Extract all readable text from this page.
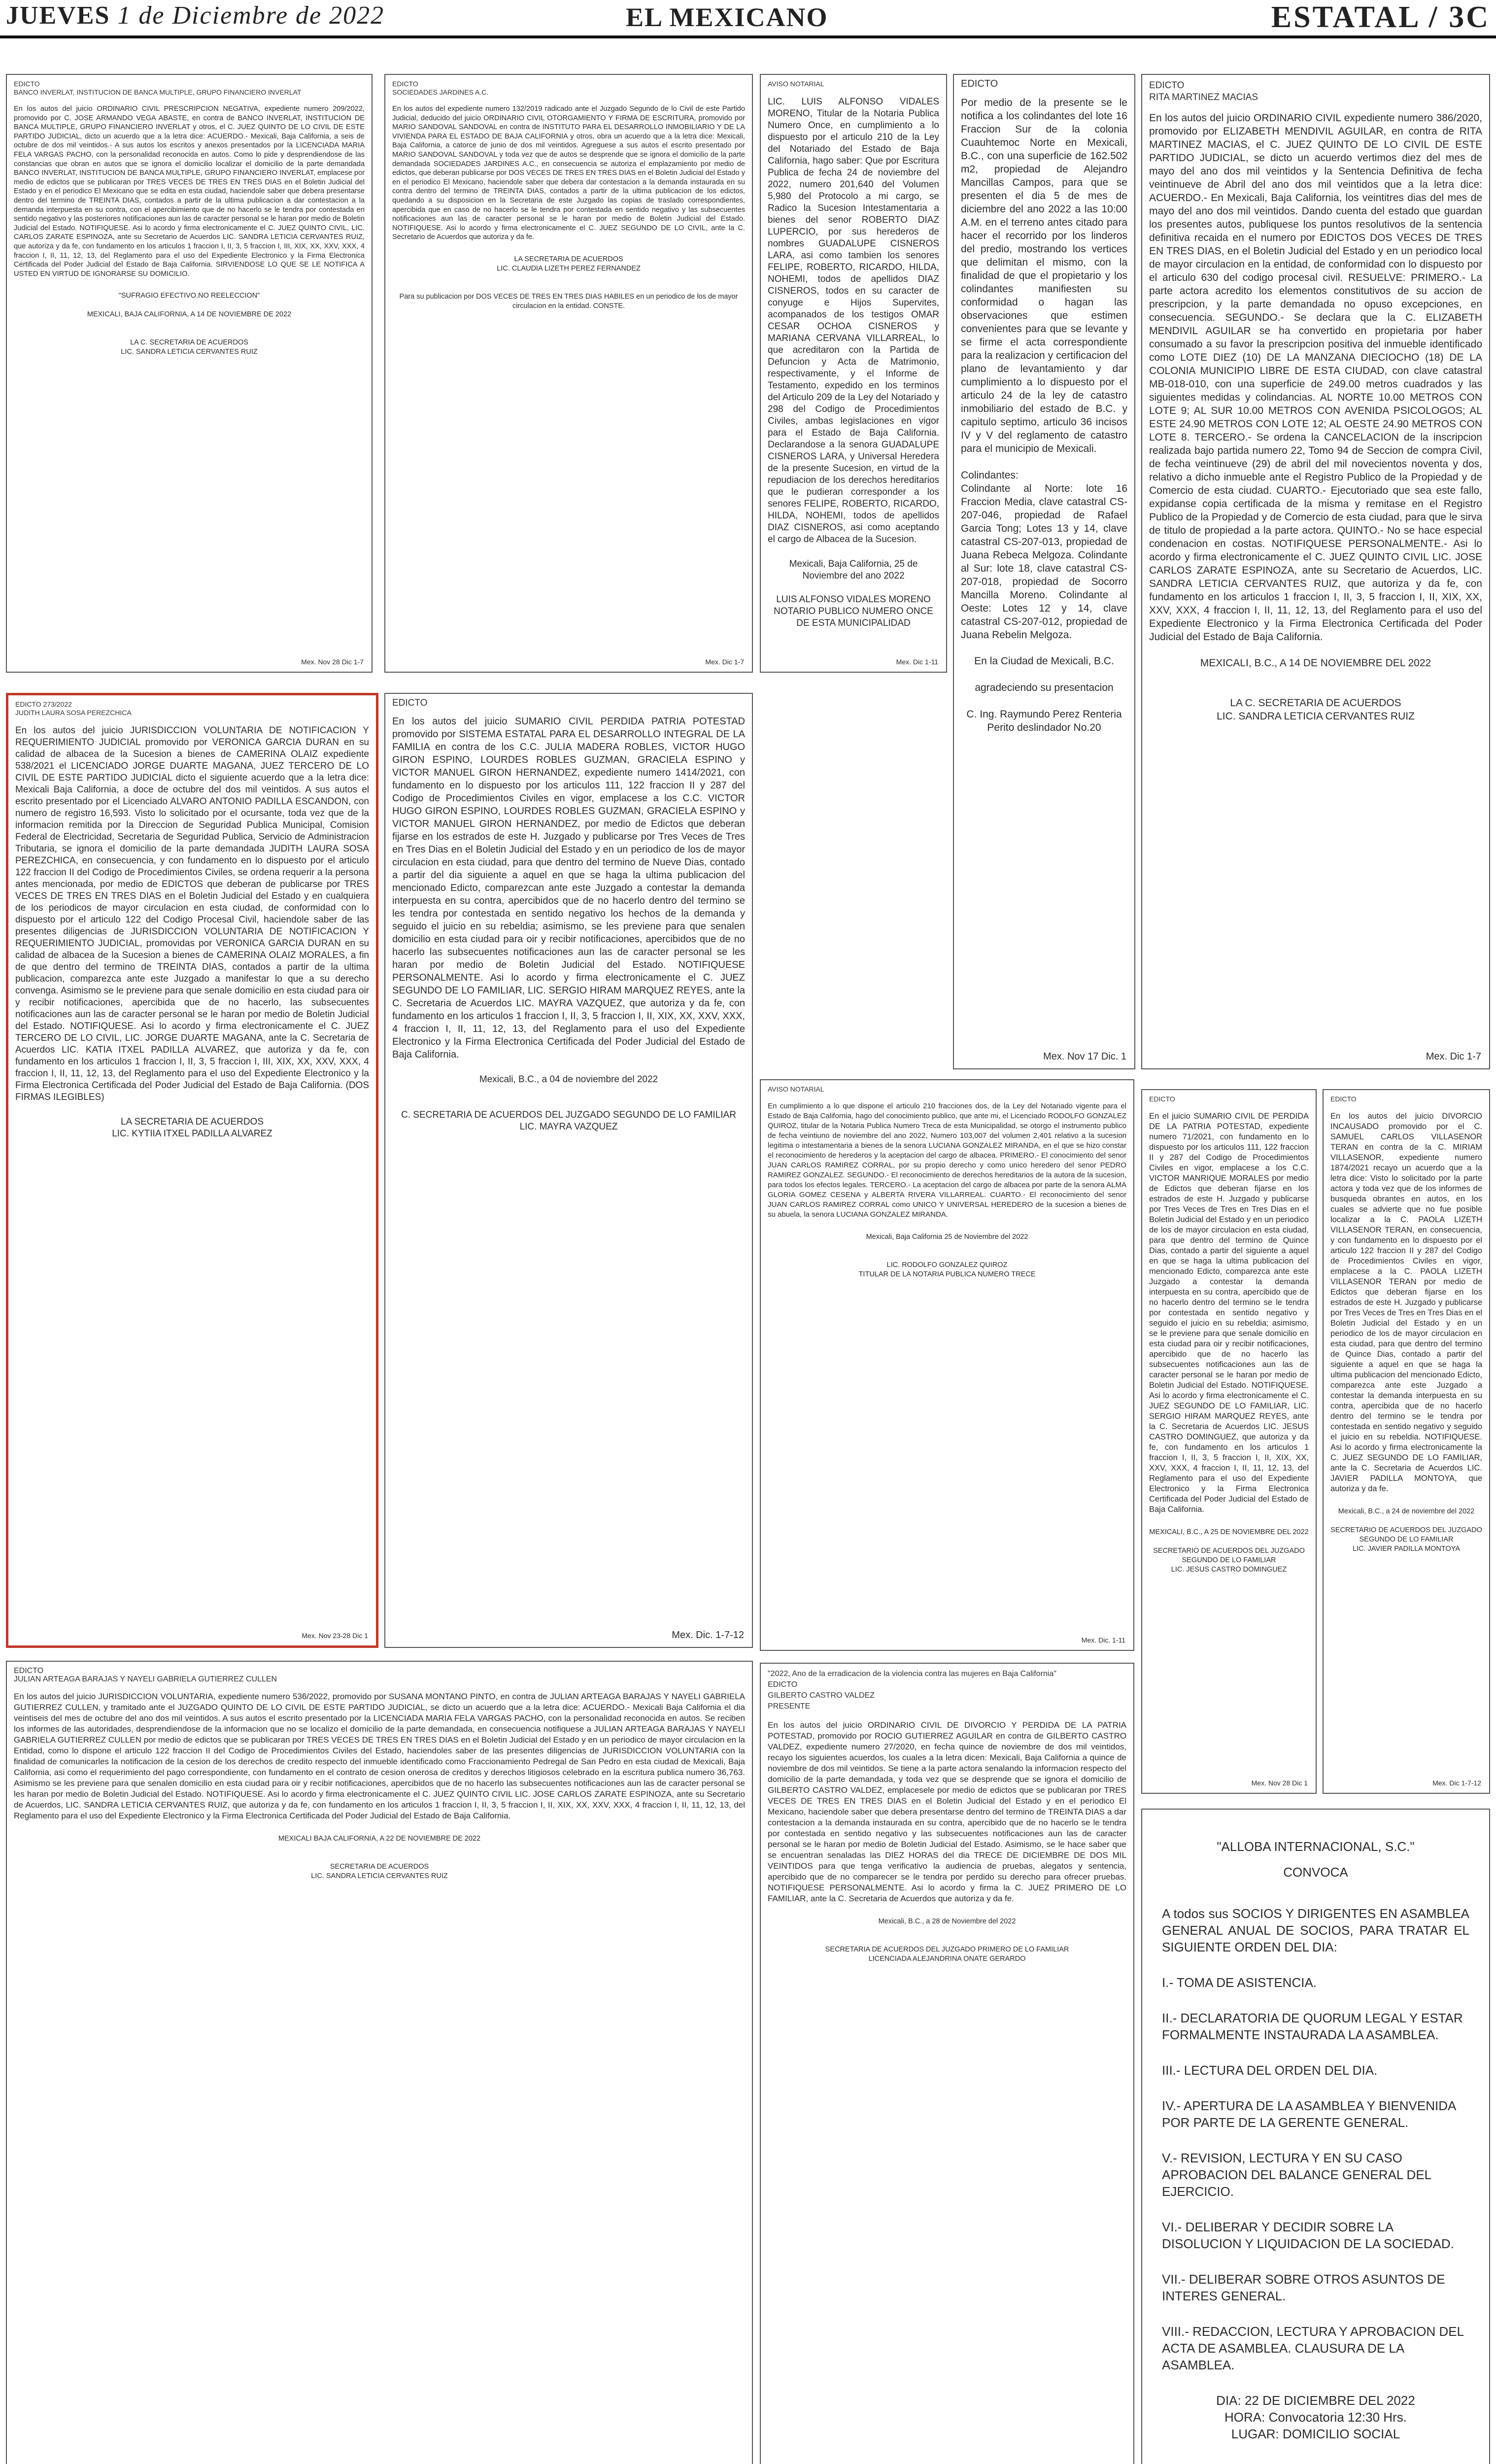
JUEVES 1 de Diciembre de 2022	EL MEXICANO	ESTATAL / 3C
EDICTO
BANCO INVERLAT, INSTITUCION DE BANCA MULTIPLE, GRUPO FINANCIERO INVERLAT
En los autos del juicio ORDINARIO CIVIL PRESCRIPCION NEGATIVA, expediente numero 209/2022, promovido por C. JOSE ARMANDO VEGA ABASTE, en contra de BANCO INVERLAT, INSTITUCION DE BANCA MULTIPLE, GRUPO FINANCIERO INVERLAT y otros, el C. JUEZ QUINTO DE LO CIVIL DE ESTE PARTIDO JUDICIAL, dicto un acuerdo que a la letra dice: ACUERDO.- Mexicali, Baja California, a seis de octubre de dos mil veintidos.- A sus autos los escritos y anexos presentados por la LICENCIADA MARIA FELA VARGAS PACHO, con la personalidad reconocida en autos. Como lo pide y desprendiendose de las constancias que obran en autos que se ignora el domicilio localizar el domicilio de la parte demandada BANCO INVERLAT, INSTITUCION DE BANCA MULTIPLE, GRUPO FINANCIERO INVERLAT, emplacese por medio de edictos que se publicaran por TRES VECES DE TRES EN TRES DIAS en el Boletin Judicial del Estado y en el periodico El Mexicano que se edita en esta ciudad, haciendole saber que debera presentarse dentro del termino de TREINTA DIAS, contados a partir de la ultima publicacion a dar contestacion a la demanda interpuesta en su contra, con el apercibimiento que de no hacerlo se le tendra por contestada en sentido negativo y las posteriores notificaciones aun las de caracter personal se le haran por medio de Boletin Judicial del Estado. NOTIFIQUESE. Asi lo acordo y firma electronicamente el C. JUEZ QUINTO CIVIL, LIC. CARLOS ZARATE ESPINOZA, ante su Secretario de Acuerdos LIC. SANDRA LETICIA CERVANTES RUIZ, que autoriza y da fe, con fundamento en los articulos 1 fraccion I, II, 3, 5 fraccion I, III, XIX, XX, XXV, XXX, 4 fraccion I, II, 11, 12, 13, del Reglamento para el uso del Expediente Electronico y la Firma Electronica Certificada del Poder Judicial del Estado de Baja California. SIRVIENDOSE LO QUE SE LE NOTIFICA A USTED EN VIRTUD DE IGNORARSE SU DOMICILIO.
"SUFRAGIO EFECTIVO.NO REELECCION"

MEXICALI, BAJA CALIFORNIA, A 14 DE NOVIEMBRE DE 2022

LA C. SECRETARIA DE ACUERDOS
LIC. SANDRA LETICIA CERVANTES RUIZ
Mex. Nov 28 Dic 1-7
EDICTO
SOCIEDADES JARDINES A.C.
En los autos del expediente numero 132/2019 radicado ante el Juzgado Segundo de lo Civil de este Partido Judicial, deducido del juicio ORDINARIO CIVIL OTORGAMIENTO Y FIRMA DE ESCRITURA, promovido por MARIO SANDOVAL SANDOVAL en contra de INSTITUTO PARA EL DESARROLLO INMOBILIARIO Y DE LA VIVIENDA PARA EL ESTADO DE BAJA CALIFORNIA y otros, obra un acuerdo que a la letra dice: Mexicali, Baja California, a catorce de junio de dos mil veintidos. Agreguese a sus autos el escrito presentado por MARIO SANDOVAL SANDOVAL y toda vez que de autos se desprende que se ignora el domicilio de la parte demandada SOCIEDADES JARDINES A.C., en consecuencia se autoriza el emplazamiento por medio de edictos, que deberan publicarse por DOS VECES DE TRES EN TRES DIAS en el Boletin Judicial del Estado y en el periodico El Mexicano, haciendole saber que debera dar contestacion a la demanda instaurada en su contra dentro del termino de TREINTA DIAS, contados a partir de la ultima publicacion de los edictos, quedando a su disposicion en la Secretaria de este Juzgado las copias de traslado correspondientes, apercibida que en caso de no hacerlo se le tendra por contestada en sentido negativo y las subsecuentes notificaciones aun las de caracter personal se le haran por medio de Boletin Judicial del Estado. NOTIFIQUESE. Asi lo acordo y firma electronicamente el C. JUEZ SEGUNDO DE LO CIVIL, ante la C. Secretario de Acuerdos que autoriza y da fe.
LA SECRETARIA DE ACUERDOS
LIC. CLAUDIA LIZETH PEREZ FERNANDEZ

Para su publicacion por DOS VECES DE TRES EN TRES DIAS HABILES en un periodico de los de mayor circulacion en la entidad. CONSTE.
Mex. Dic 1-7
AVISO NOTARIAL
LIC. LUIS ALFONSO VIDALES MORENO, Titular de la Notaria Publica Numero Once, en cumplimiento a lo dispuesto por el articulo 210 de la Ley del Notariado del Estado de Baja California, hago saber: Que por Escritura Publica de fecha 24 de noviembre del 2022, numero 201,640 del Volumen 5,980 del Protocolo a mi cargo, se Radico la Sucesion Intestamentaria a bienes del senor ROBERTO DIAZ LUPERCIO, por sus herederos de nombres GUADALUPE CISNEROS LARA, asi como tambien los senores FELIPE, ROBERTO, RICARDO, HILDA, NOHEMI, todos de apellidos DIAZ CISNEROS, todos en su caracter de conyuge e Hijos Supervites, acompanados de los testigos OMAR CESAR OCHOA CISNEROS y MARIANA CERVANA VILLARREAL, lo que acreditaron con la Partida de Defuncion y Acta de Matrimonio, respectivamente, y el Informe de Testamento, expedido en los terminos del Articulo 209 de la Ley del Notariado y 298 del Codigo de Procedimientos Civiles, ambas legislaciones en vigor para el Estado de Baja California. Declarandose a la senora GUADALUPE CISNEROS LARA, y Universal Heredera de la presente Sucesion, en virtud de la repudiacion de los derechos hereditarios que le pudieran corresponder a los senores FELIPE, ROBERTO, RICARDO, HILDA, NOHEMI, todos de apellidos DIAZ CISNEROS, asi como aceptando el cargo de Albacea de la Sucesion.
Mexicali, Baja California, 25 de Noviembre del ano 2022

LUIS ALFONSO VIDALES MORENO
NOTARIO PUBLICO NUMERO ONCE DE ESTA MUNICIPALIDAD
Mex. Dic 1-11
EDICTO
Por medio de la presente se le notifica a los colindantes del lote 16 Fraccion Sur de la colonia Cuauhtemoc Norte en Mexicali, B.C., con una superficie de 162.502 m2, propiedad de Alejandro Mancillas Campos, para que se presenten el dia 5 de mes de diciembre del ano 2022 a las 10:00 A.M. en el terreno antes citado para hacer el recorrido por los linderos del predio, mostrando los vertices que delimitan el mismo, con la finalidad de que el propietario y los colindantes manifiesten su conformidad o hagan las observaciones que estimen convenientes para que se levante y se firme el acta correspondiente para la realizacion y certificacion del plano de levantamiento y dar cumplimiento a lo dispuesto por el articulo 24 de la ley de catastro inmobiliario del estado de B.C. y capitulo septimo, articulo 36 incisos IV y V del reglamento de catastro para el municipio de Mexicali.

Colindantes:
Colindante al Norte: lote 16 Fraccion Media, clave catastral CS-207-046, propiedad de Rafael Garcia Tong; Lotes 13 y 14, clave catastral CS-207-013, propiedad de Juana Rebeca Melgoza. Colindante al Sur: lote 18, clave catastral CS-207-018, propiedad de Socorro Mancilla Moreno. Colindante al Oeste: Lotes 12 y 14, clave catastral CS-207-012, propiedad de Juana Rebelin Melgoza.
En la Ciudad de Mexicali, B.C.

agradeciendo su presentacion

C. Ing. Raymundo Perez Renteria
Perito deslindador No.20
Mex. Nov 17 Dic. 1
EDICTO
RITA MARTINEZ MACIAS
En los autos del juicio ORDINARIO CIVIL expediente numero 386/2020, promovido por ELIZABETH MENDIVIL AGUILAR, en contra de RITA MARTINEZ MACIAS, el C. JUEZ QUINTO DE LO CIVIL DE ESTE PARTIDO JUDICIAL, se dicto un acuerdo vertimos diez del mes de mayo del ano dos mil veintidos y la Sentencia Definitiva de fecha veintinueve de Abril del ano dos mil veintidos que a la letra dice: ACUERDO.- En Mexicali, Baja California, los veintitres dias del mes de mayo del ano dos mil veintidos. Dando cuenta del estado que guardan los presentes autos, publiquese los puntos resolutivos de la sentencia definitiva recaida en el numero por EDICTOS DOS VECES DE TRES EN TRES DIAS, en el Boletin Judicial del Estado y en un periodico local de mayor circulacion en la entidad, de conformidad con lo dispuesto por el articulo 630 del codigo procesal civil. RESUELVE: PRIMERO.- La parte actora acredito los elementos constitutivos de su accion de prescripcion, y la parte demandada no opuso excepciones, en consecuencia. SEGUNDO.- Se declara que la C. ELIZABETH MENDIVIL AGUILAR se ha convertido en propietaria por haber consumado a su favor la prescripcion positiva del inmueble identificado como LOTE DIEZ (10) DE LA MANZANA DIECIOCHO (18) DE LA COLONIA MUNICIPIO LIBRE DE ESTA CIUDAD, con clave catastral MB-018-010, con una superficie de 249.00 metros cuadrados y las siguientes medidas y colindancias. AL NORTE 10.00 METROS CON LOTE 9; AL SUR 10.00 METROS CON AVENIDA PSICOLOGOS; AL ESTE 24.90 METROS CON LOTE 12; AL OESTE 24.90 METROS CON LOTE 8. TERCERO.- Se ordena la CANCELACION de la inscripcion realizada bajo partida numero 22, Tomo 94 de Seccion de compra Civil, de fecha veintinueve (29) de abril del mil novecientos noventa y dos, relativo a dicho inmueble ante el Registro Publico de la Propiedad y de Comercio de esta ciudad. CUARTO.- Ejecutoriado que sea este fallo, expidanse copia certificada de la misma y remitase en el Registro Publico de la Propiedad y de Comercio de esta ciudad, para que le sirva de titulo de propiedad a la parte actora. QUINTO.- No se hace especial condenacion en costas. NOTIFIQUESE PERSONALMENTE.- Asi lo acordo y firma electronicamente el C. JUEZ QUINTO CIVIL LIC. JOSE CARLOS ZARATE ESPINOZA, ante su Secretario de Acuerdos, LIC. SANDRA LETICIA CERVANTES RUIZ, que autoriza y da fe, con fundamento en los articulos 1 fraccion I, II, 3, 5 fraccion I, II, XIX, XX, XXV, XXX, 4 fraccion I, II, 11, 12, 13, del Reglamento para el uso del Expediente Electronico y la Firma Electronica Certificada del Poder Judicial del Estado de Baja California.
MEXICALI, B.C., A 14 DE NOVIEMBRE DEL 2022

LA C. SECRETARIA DE ACUERDOS
LIC. SANDRA LETICIA CERVANTES RUIZ
Mex. Dic 1-7
EDICTO 273/2022
JUDITH LAURA SOSA PEREZCHICA
En los autos del juicio JURISDICCION VOLUNTARIA DE NOTIFICACION Y REQUERIMIENTO JUDICIAL promovido por VERONICA GARCIA DURAN en su calidad de albacea de la Sucesion a bienes de CAMERINA OLAIZ expediente 538/2021 el LICENCIADO JORGE DUARTE MAGANA, JUEZ TERCERO DE LO CIVIL DE ESTE PARTIDO JUDICIAL dicto el siguiente acuerdo que a la letra dice: Mexicali Baja California, a doce de octubre del dos mil veintidos. A sus autos el escrito presentado por el Licenciado ALVARO ANTONIO PADILLA ESCANDON, con numero de registro 16,593. Visto lo solicitado por el ocursante, toda vez que de la informacion remitida por la Direccion de Seguridad Publica Municipal, Comision Federal de Electricidad, Secretaria de Seguridad Publica, Servicio de Administracion Tributaria, se ignora el domicilio de la parte demandada JUDITH LAURA SOSA PEREZCHICA, en consecuencia, y con fundamento en lo dispuesto por el articulo 122 fraccion II del Codigo de Procedimientos Civiles, se ordena requerir a la persona antes mencionada, por medio de EDICTOS que deberan de publicarse por TRES VECES DE TRES EN TRES DIAS en el Boletin Judicial del Estado y en cualquiera de los periodicos de mayor circulacion en esta ciudad, de conformidad con lo dispuesto por el articulo 122 del Codigo Procesal Civil, haciendole saber de las presentes diligencias de JURISDICCION VOLUNTARIA DE NOTIFICACION Y REQUERIMIENTO JUDICIAL, promovidas por VERONICA GARCIA DURAN en su calidad de albacea de la Sucesion a bienes de CAMERINA OLAIZ MORALES, a fin de que dentro del termino de TREINTA DIAS, contados a partir de la ultima publicacion, comparezca ante este Juzgado a manifestar lo que a su derecho convenga. Asimismo se le previene para que senale domicilio en esta ciudad para oir y recibir notificaciones, apercibida que de no hacerlo, las subsecuentes notificaciones aun las de caracter personal se le haran por medio de Boletin Judicial del Estado. NOTIFIQUESE. Asi lo acordo y firma electronicamente el C. JUEZ TERCERO DE LO CIVIL, LIC. JORGE DUARTE MAGANA, ante la C. Secretaria de Acuerdos LIC. KATIA ITXEL PADILLA ALVAREZ, que autoriza y da fe, con fundamento en los articulos 1 fraccion I, II, 3, 5 fraccion I, III, XIX, XX, XXV, XXX, 4 fraccion I, II, 11, 12, 13, del Reglamento para el uso del Expediente Electronico y la Firma Electronica Certificada del Poder Judicial del Estado de Baja California. (DOS FIRMAS ILEGIBLES)
LA SECRETARIA DE ACUERDOS
LIC. KYTIIA ITXEL PADILLA ALVAREZ
Mex. Nov 23-28 Dic 1
EDICTO
En los autos del juicio SUMARIO CIVIL PERDIDA PATRIA POTESTAD promovido por SISTEMA ESTATAL PARA EL DESARROLLO INTEGRAL DE LA FAMILIA en contra de los C.C. JULIA MADERA ROBLES, VICTOR HUGO GIRON ESPINO, LOURDES ROBLES GUZMAN, GRACIELA ESPINO y VICTOR MANUEL GIRON HERNANDEZ, expediente numero 1414/2021, con fundamento en lo dispuesto por los articulos 111, 122 fraccion II y 287 del Codigo de Procedimientos Civiles en vigor, emplacese a los C.C. VICTOR HUGO GIRON ESPINO, LOURDES ROBLES GUZMAN, GRACIELA ESPINO y VICTOR MANUEL GIRON HERNANDEZ, por medio de Edictos que deberan fijarse en los estrados de este H. Juzgado y publicarse por Tres Veces de Tres en Tres Dias en el Boletin Judicial del Estado y en un periodico de los de mayor circulacion en esta ciudad, para que dentro del termino de Nueve Dias, contado a partir del dia siguiente a aquel en que se haga la ultima publicacion del mencionado Edicto, comparezcan ante este Juzgado a contestar la demanda interpuesta en su contra, apercibidos que de no hacerlo dentro del termino se les tendra por contestada en sentido negativo los hechos de la demanda y seguido el juicio en su rebeldia; asimismo, se les previene para que senalen domicilio en esta ciudad para oir y recibir notificaciones, apercibidos que de no hacerlo las subsecuentes notificaciones aun las de caracter personal se les haran por medio de Boletin Judicial del Estado. NOTIFIQUESE PERSONALMENTE. Asi lo acordo y firma electronicamente el C. JUEZ SEGUNDO DE LO FAMILIAR, LIC. SERGIO HIRAM MARQUEZ REYES, ante la C. Secretaria de Acuerdos LIC. MAYRA VAZQUEZ, que autoriza y da fe, con fundamento en los articulos 1 fraccion I, II, 3, 5 fraccion I, II, XIX, XX, XXV, XXX, 4 fraccion I, II, 11, 12, 13, del Reglamento para el uso del Expediente Electronico y la Firma Electronica Certificada del Poder Judicial del Estado de Baja California.
Mexicali, B.C., a 04 de noviembre del 2022

C. SECRETARIA DE ACUERDOS DEL JUZGADO SEGUNDO DE LO FAMILIAR
LIC. MAYRA VAZQUEZ
Mex. Dic. 1-7-12
AVISO NOTARIAL
En cumplimiento a lo que dispone el articulo 210 fracciones dos, de la Ley del Notariado vigente para el Estado de Baja California, hago del conocimiento publico, que ante mi, el Licenciado RODOLFO GONZALEZ QUIROZ, titular de la Notaria Publica Numero Treca de esta Municipalidad, se otorgo el instrumento publico de fecha veintiuno de noviembre del ano 2022, Numero 103,007 del volumen 2,401 relativo a la sucesion legitima o intestamentaria a bienes de la senora LUCIANA GONZALEZ MIRANDA, en el que se hizo constar el reconocimiento de herederos y la aceptacion del cargo de albacea. PRIMERO.- El conocimiento del senor JUAN CARLOS RAMIREZ CORRAL, por su propio derecho y como unico heredero del senor PEDRO RAMIREZ GONZALEZ. SEGUNDO.- El reconocimiento de derechos hereditarios de la autora de la sucesion, para todos los efectos legales. TERCERO.- La aceptacion del cargo de albacea por parte de la senora ALMA GLORIA GOMEZ CESENA y ALBERTA RIVERA VILLARREAL. CUARTO.- El reconocimiento del senor JUAN CARLOS RAMIREZ CORRAL como UNICO Y UNIVERSAL HEREDERO de la sucesion a bienes de su abuela, la senora LUCIANA GONZALEZ MIRANDA.
Mexicali, Baja California 25 de Noviembre del 2022

LIC. RODOLFO GONZALEZ QUIROZ
TITULAR DE LA NOTARIA PUBLICA NUMERO TRECE
Mex. Dic. 1-11
EDICTO
En el juicio SUMARIO CIVIL DE PERDIDA DE LA PATRIA POTESTAD, expediente numero 71/2021, con fundamento en lo dispuesto por los articulos 111, 122 fraccion II y 287 del Codigo de Procedimientos Civiles en vigor, emplacese a los C.C. VICTOR MANRIQUE MORALES por medio de Edictos que deberan fijarse en los estrados de este H. Juzgado y publicarse por Tres Veces de Tres en Tres Dias en el Boletin Judicial del Estado y en un periodico de los de mayor circulacion en esta ciudad, para que dentro del termino de Quince Dias, contado a partir del siguiente a aquel en que se haga la ultima publicacion del mencionado Edicto, comparezca ante este Juzgado a contestar la demanda interpuesta en su contra, apercibido que de no hacerlo dentro del termino se le tendra por contestada en sentido negativo y seguido el juicio en su rebeldia; asimismo, se le previene para que senale domicilio en esta ciudad para oir y recibir notificaciones, apercibido que de no hacerlo las subsecuentes notificaciones aun las de caracter personal se le haran por medio de Boletin Judicial del Estado. NOTIFIQUESE. Asi lo acordo y firma electronicamente el C. JUEZ SEGUNDO DE LO FAMILIAR, LIC. SERGIO HIRAM MARQUEZ REYES, ante la C. Secretaria de Acuerdos LIC. JESUS CASTRO DOMINGUEZ, que autoriza y da fe, con fundamento en los articulos 1 fraccion I, II, 3, 5 fraccion I, II, XIX, XX, XXV, XXX, 4 fraccion I, II, 11, 12, 13, del Reglamento para el uso del Expediente Electronico y la Firma Electronica Certificada del Poder Judicial del Estado de Baja California.
MEXICALI, B.C., A 25 DE NOVIEMBRE DEL 2022

SECRETARIO DE ACUERDOS DEL JUZGADO SEGUNDO DE LO FAMILIAR
LIC. JESUS CASTRO DOMINGUEZ
Mex. Nov 28 Dic 1
EDICTO
En los autos del juicio DIVORCIO INCAUSADO promovido por el C. SAMUEL CARLOS VILLASENOR TERAN en contra de la C. MIRIAM VILLASENOR, expediente numero 1874/2021 recayo un acuerdo que a la letra dice: Visto lo solicitado por la parte actora y toda vez que de los informes de busqueda obrantes en autos, en los cuales se advierte que no fue posible localizar a la C. PAOLA LIZETH VILLASENOR TERAN, en consecuencia, y con fundamento en lo dispuesto por el articulo 122 fraccion II y 287 del Codigo de Procedimientos Civiles en vigor, emplacese a la C. PAOLA LIZETH VILLASENOR TERAN por medio de Edictos que deberan fijarse en los estrados de este H. Juzgado y publicarse por Tres Veces de Tres en Tres Dias en el Boletin Judicial del Estado y en un periodico de los de mayor circulacion en esta ciudad, para que dentro del termino de Quince Dias, contado a partir del siguiente a aquel en que se haga la ultima publicacion del mencionado Edicto, comparezca ante este Juzgado a contestar la demanda interpuesta en su contra, apercibida que de no hacerlo dentro del termino se le tendra por contestada en sentido negativo y seguido el juicio en su rebeldia. NOTIFIQUESE. Asi lo acordo y firma electronicamente la C. JUEZ SEGUNDO DE LO FAMILIAR, ante la C. Secretaria de Acuerdos LIC. JAVIER PADILLA MONTOYA, que autoriza y da fe.
Mexicali, B.C., a 24 de noviembre del 2022

SECRETARIO DE ACUERDOS DEL JUZGADO SEGUNDO DE LO FAMILIAR
LIC. JAVIER PADILLA MONTOYA
Mex. Dic 1-7-12
EDICTO
JULIAN ARTEAGA BARAJAS Y NAYELI GABRIELA GUTIERREZ CULLEN
En los autos del juicio JURISDICCION VOLUNTARIA, expediente numero 536/2022, promovido por SUSANA MONTANO PINTO, en contra de JULIAN ARTEAGA BARAJAS Y NAYELI GABRIELA GUTIERREZ CULLEN, y tramitado ante el JUZGADO QUINTO DE LO CIVIL DE ESTE PARTIDO JUDICIAL, se dicto un acuerdo que a la letra dice: ACUERDO.- Mexicali Baja California el dia veintiseis del mes de octubre del ano dos mil veintidos. A sus autos el escrito presentado por la LICENCIADA MARIA FELA VARGAS PACHO, con la personalidad reconocida en autos. Se reciben los informes de las autoridades, desprendiendose de la informacion que no se localizo el domicilio de la parte demandada, en consecuencia notifiquese a JULIAN ARTEAGA BARAJAS Y NAYELI GABRIELA GUTIERREZ CULLEN por medio de edictos que se publicaran por TRES VECES DE TRES EN TRES DIAS en el Boletin Judicial del Estado y en un periodico de mayor circulacion en la Entidad, como lo dispone el articulo 122 fraccion II del Codigo de Procedimientos Civiles del Estado, haciendoles saber de las presentes diligencias de JURISDICCION VOLUNTARIA con la finalidad de comunicarles la notificacion de la cesion de los derechos de credito respecto del inmueble identificado como Fraccionamiento Pedregal de San Pedro en esta ciudad de Mexicali, Baja California, asi como el requerimiento del pago correspondiente, con fundamento en el contrato de cesion onerosa de creditos y derechos litigiosos celebrado en la escritura publica numero 36,763. Asimismo se les previene para que senalen domicilio en esta ciudad para oir y recibir notificaciones, apercibidos que de no hacerlo las subsecuentes notificaciones aun las de caracter personal se les haran por medio de Boletin Judicial del Estado. NOTIFIQUESE. Asi lo acordo y firma electronicamente el C. JUEZ QUINTO CIVIL LIC. JOSE CARLOS ZARATE ESPINOZA, ante su Secretario de Acuerdos, LIC. SANDRA LETICIA CERVANTES RUIZ, que autoriza y da fe, con fundamento en los articulos 1 fraccion I, II, 3, 5 fraccion I, II, XIX, XX, XXV, XXX, 4 fraccion I, II, 11, 12, 13, del Reglamento para el uso del Expediente Electronico y la Firma Electronica Certificada del Poder Judicial del Estado de Baja California.
MEXICALI BAJA CALIFORNIA, A 22 DE NOVIEMBRE DE 2022

SECRETARIA DE ACUERDOS
LIC. SANDRA LETICIA CERVANTES RUIZ
"2022, Ano de la erradicacion de la violencia contra las mujeres en Baja California"
EDICTO
GILBERTO CASTRO VALDEZ
PRESENTE
En los autos del juicio ORDINARIO CIVIL DE DIVORCIO Y PERDIDA DE LA PATRIA POTESTAD, promovido por ROCIO GUTIERREZ AGUILAR en contra de GILBERTO CASTRO VALDEZ, expediente numero 27/2020, en fecha quince de noviembre de dos mil veintidos, recayo los siguientes acuerdos, los cuales a la letra dicen: Mexicali, Baja California a quince de noviembre de dos mil veintidos. Se tiene a la parte actora senalando la informacion respecto del domicilio de la parte demandada, y toda vez que se desprende que se ignora el domicilio de GILBERTO CASTRO VALDEZ, emplacesele por medio de edictos que se publicaran por TRES VECES DE TRES EN TRES DIAS en el Boletin Judicial del Estado y en el periodico El Mexicano, haciendole saber que debera presentarse dentro del termino de TREINTA DIAS a dar contestacion a la demanda instaurada en su contra, apercibido que de no hacerlo se le tendra por contestada en sentido negativo y las subsecuentes notificaciones aun las de caracter personal se le haran por medio de Boletin Judicial del Estado. Asimismo, se le hace saber que se encuentran senaladas las DIEZ HORAS del dia TRECE DE DICIEMBRE DE DOS MIL VEINTIDOS para que tenga verificativo la audiencia de pruebas, alegatos y sentencia, apercibido que de no comparecer se le tendra por perdido su derecho para ofrecer pruebas. NOTIFIQUESE PERSONALMENTE. Asi lo acordo y firma la C. JUEZ PRIMERO DE LO FAMILIAR, ante la C. Secretaria de Acuerdos que autoriza y da fe.
Mexicali, B.C., a 28 de Noviembre del 2022

SECRETARIA DE ACUERDOS DEL JUZGADO PRIMERO DE LO FAMILIAR
LICENCIADA ALEJANDRINA ONATE GERARDO
"ALLOBA INTERNACIONAL, S.C."
CONVOCA

A todos sus SOCIOS Y DIRIGENTES EN ASAMBLEA GENERAL ANUAL DE SOCIOS, PARA TRATAR EL SIGUIENTE ORDEN DEL DIA:

I.- TOMA DE ASISTENCIA.

II.- DECLARATORIA DE QUORUM LEGAL Y ESTAR FORMALMENTE INSTAURADA LA ASAMBLEA.

III.- LECTURA DEL ORDEN DEL DIA.

IV.- APERTURA DE LA ASAMBLEA Y BIENVENIDA POR PARTE DE LA GERENTE GENERAL.

V.- REVISION, LECTURA Y EN SU CASO APROBACION DEL BALANCE GENERAL DEL EJERCICIO.

VI.- DELIBERAR Y DECIDIR SOBRE LA DISOLUCION Y LIQUIDACION DE LA SOCIEDAD.

VII.- DELIBERAR SOBRE OTROS ASUNTOS DE INTERES GENERAL.

VIII.- REDACCION, LECTURA Y APROBACION DEL ACTA DE ASAMBLEA. CLAUSURA DE LA ASAMBLEA.

DIA: 22 DE DICIEMBRE DEL 2022
HORA: Convocatoria 12:30 Hrs.
LUGAR: DOMICILIO SOCIAL
